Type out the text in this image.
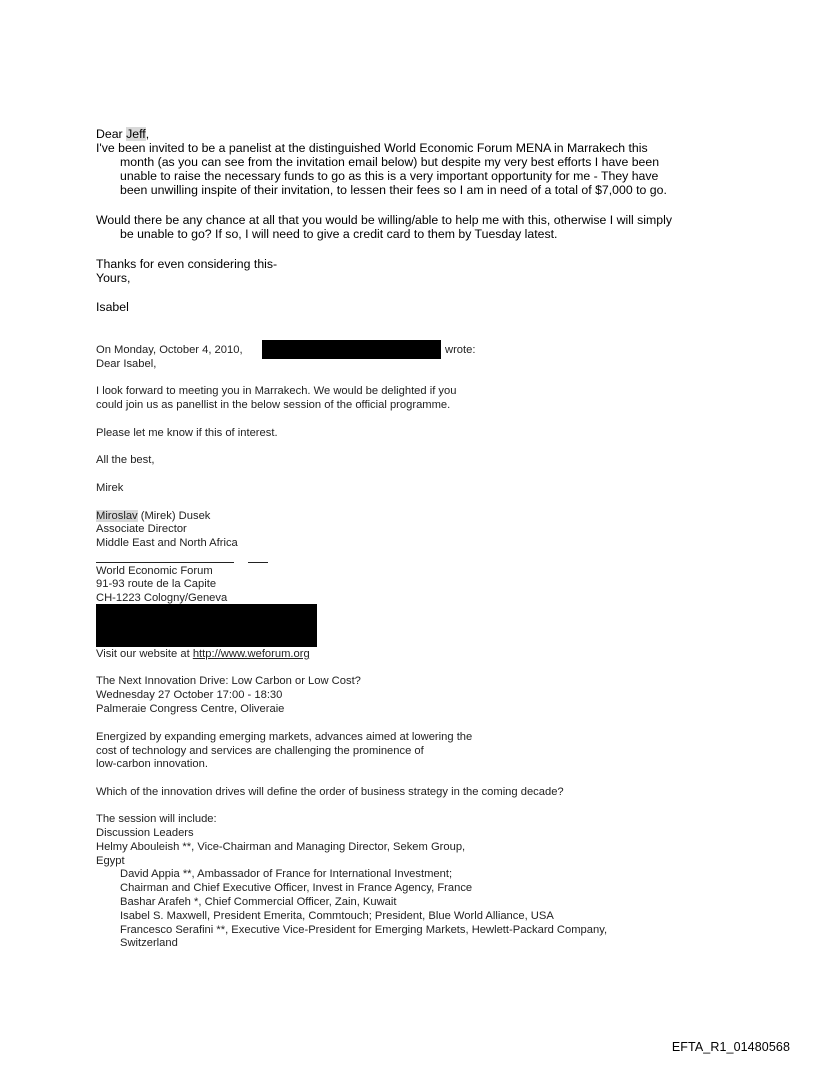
Dear Jeff,
I've been invited to be a panelist at the distinguished World Economic Forum MENA in Marrakech this
month (as you can see from the invitation email below) but despite my very best efforts I have been
unable to raise the necessary funds to go as this is a very important opportunity for me - They have
been unwilling inspite of their invitation, to lessen their fees so I am in need of a total of $7,000 to go.
Would there be any chance at all that you would be willing/able to help me with this, otherwise I will simply
be unable to go? If so, I will need to give a credit card to them by Tuesday latest.
Thanks for even considering this-
Yours,
Isabel
On Monday, October 4, 2010,	wrote:
Dear Isabel,
I look forward to meeting you in Marrakech. We would be delighted if you
could join us as panellist in the below session of the official programme.
Please let me know if this of interest.
All the best,
Mirek
Miroslav (Mirek) Dusek
Associate Director
Middle East and North Africa
World Economic Forum
91-93 route de la Capite
CH-1223 Cologny/Geneva
Visit our website at http://www.weforum.org
The Next Innovation Drive: Low Carbon or Low Cost?
Wednesday 27 October 17:00 - 18:30
Palmeraie Congress Centre, Oliveraie
Energized by expanding emerging markets, advances aimed at lowering the
cost of technology and services are challenging the prominence of
low-carbon innovation.
Which of the innovation drives will define the order of business strategy in the coming decade?
The session will include:
Discussion Leaders
Helmy Abouleish **, Vice-Chairman and Managing Director, Sekem Group,
Egypt
David Appia **, Ambassador of France for International Investment;
Chairman and Chief Executive Officer, Invest in France Agency, France
Bashar Arafeh *, Chief Commercial Officer, Zain, Kuwait
Isabel S. Maxwell, President Emerita, Commtouch; President, Blue World Alliance, USA
Francesco Serafini **, Executive Vice-President for Emerging Markets, Hewlett-Packard Company,
Switzerland
EFTA_R1_01480568
